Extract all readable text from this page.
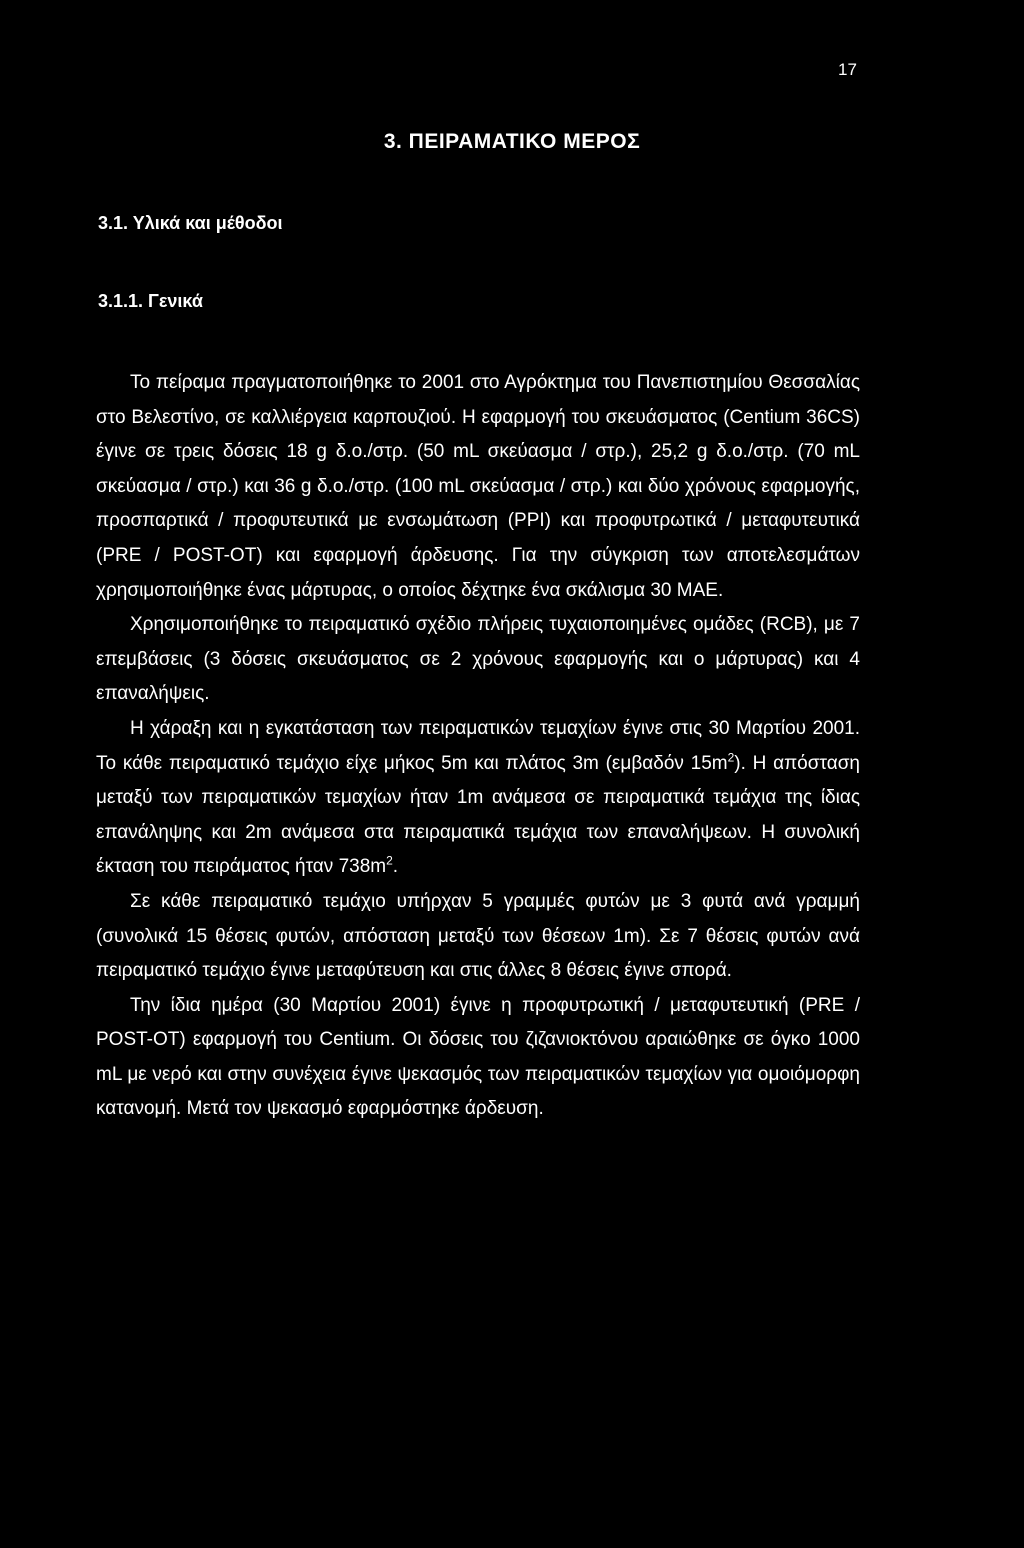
17
3. ΠΕΙΡΑΜΑΤΙΚΟ ΜΕΡΟΣ
3.1. Υλικά και μέθοδοι
3.1.1. Γενικά

Το πείραμα πραγματοποιήθηκε το 2001 στο Αγρόκτημα του Πανεπιστημίου Θεσσαλίας στο Βελεστίνο, σε καλλιέργεια καρπουζιού. Η εφαρμογή του σκευάσματος (Centium 36CS) έγινε σε τρεις δόσεις 18 g δ.ο./στρ. (50 mL σκεύασμα / στρ.), 25,2 g δ.ο./στρ. (70 mL σκεύασμα / στρ.) και 36 g δ.ο./στρ. (100 mL σκεύασμα / στρ.) και δύο χρόνους εφαρμογής, προσπαρτικά / προφυτευτικά με ενσωμάτωση (PPI) και προφυτρωτικά / μεταφυτευτικά (PRE / POST-OT) και εφαρμογή άρδευσης. Για την σύγκριση των αποτελεσμάτων χρησιμοποιήθηκε ένας μάρτυρας, ο οποίος δέχτηκε ένα σκάλισμα 30 ΜΑΕ.

Χρησιμοποιήθηκε το πειραματικό σχέδιο πλήρεις τυχαιοποιημένες ομάδες (RCB), με 7 επεμβάσεις (3 δόσεις σκευάσματος σε 2 χρόνους εφαρμογής και ο μάρτυρας) και 4 επαναλήψεις.

Η χάραξη και η εγκατάσταση των πειραματικών τεμαχίων έγινε στις 30 Μαρτίου 2001. Το κάθε πειραματικό τεμάχιο είχε μήκος 5m και πλάτος 3m (εμβαδόν $15m^2$). Η απόσταση μεταξύ των πειραματικών τεμαχίων ήταν 1m ανάμεσα σε πειραματικά τεμάχια της ίδιας επανάληψης και 2m ανάμεσα στα πειραματικά τεμάχια των επαναλήψεων. Η συνολική έκταση του πειράματος ήταν $738m^2$.

Σε κάθε πειραματικό τεμάχιο υπήρχαν 5 γραμμές φυτών με 3 φυτά ανά γραμμή (συνολικά 15 θέσεις φυτών, απόσταση μεταξύ των θέσεων 1m). Σε 7 θέσεις φυτών ανά πειραματικό τεμάχιο έγινε μεταφύτευση και στις άλλες 8 θέσεις έγινε σπορά.

Την ίδια ημέρα (30 Μαρτίου 2001) έγινε η προφυτρωτική / μεταφυτευτική (PRE / POST-OT) εφαρμογή του Centium. Οι δόσεις του ζιζανιοκτόνου αραιώθηκε σε όγκο 1000 mL με νερό και στην συνέχεια έγινε ψεκασμός των πειραματικών τεμαχίων για ομοιόμορφη κατανομή. Μετά τον ψεκασμό εφαρμόστηκε άρδευση.
